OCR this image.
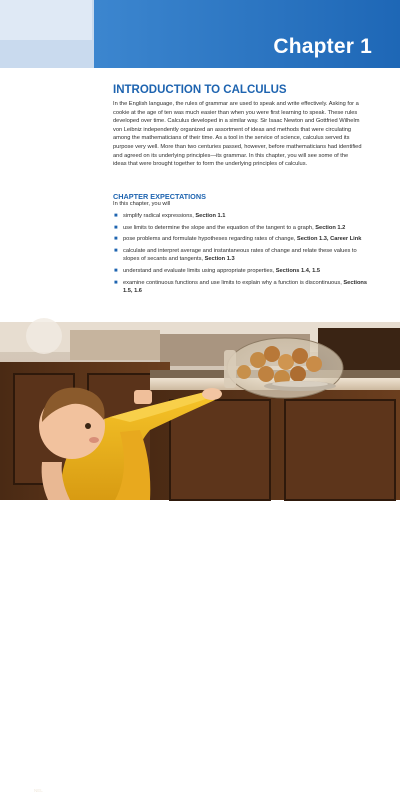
Chapter 1
INTRODUCTION TO CALCULUS

In the English language, the rules of grammar are used to speak and write effectively. Asking for a cookie at the age of ten was much easier than when you were first learning to speak. These rules developed over time. Calculus developed in a similar way. Sir Isaac Newton and Gottfried Wilhelm von Leibniz independently organized an assortment of ideas and methods that were circulating among the mathematicians of their time. As a tool in the service of science, calculus served its purpose very well. More than two centuries passed, however, before mathematicians had identified and agreed on its underlying principles—its grammar. In this chapter, you will see some of the ideas that were brought together to form the underlying principles of calculus.

CHAPTER EXPECTATIONS
In this chapter, you will
■ simplify radical expressions, Section 1.1
■ use limits to determine the slope and the equation of the tangent to a graph, Section 1.2
■ pose problems and formulate hypotheses regarding rates of change, Section 1.3, Career Link
■ calculate and interpret average and instantaneous rates of change and relate these values to slopes of secants and tangents, Section 1.3
■ understand and evaluate limits using appropriate properties, Sections 1.4, 1.5
■ examine continuous functions and use limits to explain why a function is discontinuous, Sections 1.5, 1.6
NEL
